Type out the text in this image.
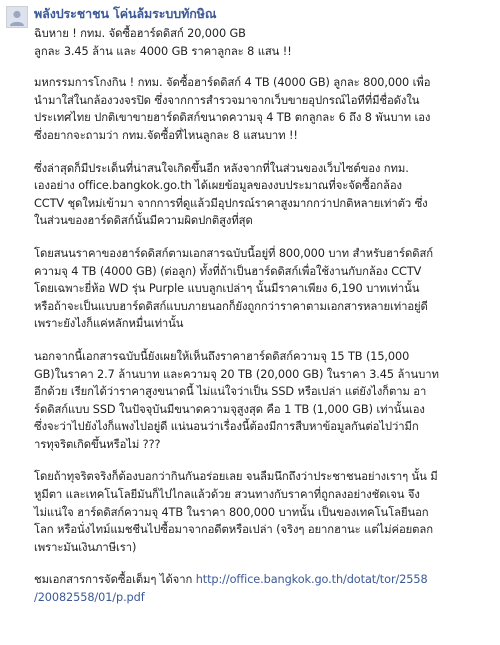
พลังประชาชน โค่นล้มระบบทักษิณ

ฉิบหาย ! กทม. จัดซื้อฮาร์ดดิสก์ 20,000 GB
ลูกละ 3.45 ล้าน และ 4000 GB ราคาลูกละ 8 แสน !!

มหกรรมการโกงกิน ! กทม. จัดซื้อฮาร์ดดิสก์ 4 TB (4000 GB) ลูกละ 800,000 เพื่อ
นำมาใส่ในกล้องวงจรปิด ซึ่งจากการสำรวจมาจากเว็บขายอุปกรณ์ไอทีที่มีชื่อดังใน
ประเทศไทย ปกติเขาขายฮาร์ดดิสก์ขนาดความจุ 4 TB ตกลูกละ 6 ถึง 8 พันบาท เอง
ซึ่งอยากจะถามว่า กทม.จัดซื้อที่ไหนลูกละ 8 แสนบาท !!

ซึ่งล่าสุดก็มีประเด็นที่น่าสนใจเกิดขึ้นอีก หลังจากที่ในส่วนของเว็บไซต์ของ กทม.
เองอย่าง office.bangkok.go.th ได้เผยข้อมูลของงบประมาณที่จะจัดซื้อกล้อง
CCTV ชุดใหม่เข้ามา จากการที่ดูแล้วมีอุปกรณ์ราคาสูงมากกว่าปกติหลายเท่าตัว ซึ่ง
ในส่วนของฮาร์ดดิสก์นั้นมีความผิดปกติสูงที่สุด

โดยสนนราคาของฮาร์ดดิสก์ตามเอกสารฉบับนี้อยู่ที่ 800,000 บาท สำหรับฮาร์ดดิสก์
ความจุ 4 TB (4000 GB) (ต่อลูก) ทั้งที่ถ้าเป็นฮาร์ดดิสก์เพื่อใช้งานกับกล้อง CCTV
โดยเฉพาะยี่ห้อ WD รุ่น Purple แบบลูกเปล่าๆ นั้นมีราคาเพียง 6,190 บาทเท่านั้น
หรือถ้าจะเป็นแบบฮาร์ดดิสก์แบบภายนอกก็ยังถูกกว่าราคาตามเอกสารหลายเท่าอยู่ดี
เพราะยังไงก็แค่หลักหมื่นเท่านั้น

นอกจากนี้เอกสารฉบับนี้ยังเผยให้เห็นถึงราคาฮาร์ดดิสก์ความจุ 15 TB (15,000
GB)ในราคา 2.7 ล้านบาท และความจุ 20 TB (20,000 GB) ในราคา 3.45 ล้านบาท
อีกด้วย เรียกได้ว่าราคาสูงขนาดนี้ ไม่แน่ใจว่าเป็น SSD หรือเปล่า แต่ยังไงก็ตาม อา
ร์ดดิสก์แบบ SSD ในปัจจุบันมีขนาดความจุสูงสุด คือ 1 TB (1,000 GB) เท่านั้นเอง
ซึ่งจะว่าไปยังไงก็แพงไปอยู่ดี แน่นอนว่าเรื่องนี้ต้องมีการสืบหาข้อมูลกันต่อไปว่ามีก
ารทุจริตเกิดขึ้นหรือไม่ ???

โดยถ้าทุจริตจริงก็ต้องบอกว่ากินกันอร่อยเลย จนลืมนึกถึงว่าประชาชนอย่างเราๆ นั้น มี
หูมีตา และเทคโนโลยีมันก็ไปไกลแล้วด้วย สวนทางกับราคาที่ถูกลงอย่างชัดเจน จึง
ไม่แน่ใจ ฮาร์ดดิสก์ความจุ 4TB ในราคา 800,000 บาทนั้น เป็นของเทคโนโลยีนอก
โลก หรือนั่งไทม์แมชชีนไปซื้อมาจากอดีตหรือเปล่า (จริงๆ อยากฮานะ แต่ไม่ค่อยตลก
เพราะมันเงินภาษีเรา)

ชมเอกสารการจัดซื้อเต็มๆ ได้จาก http://office.bangkok.go.th/dotat/tor/2558
/20082558/01/p.pdf
